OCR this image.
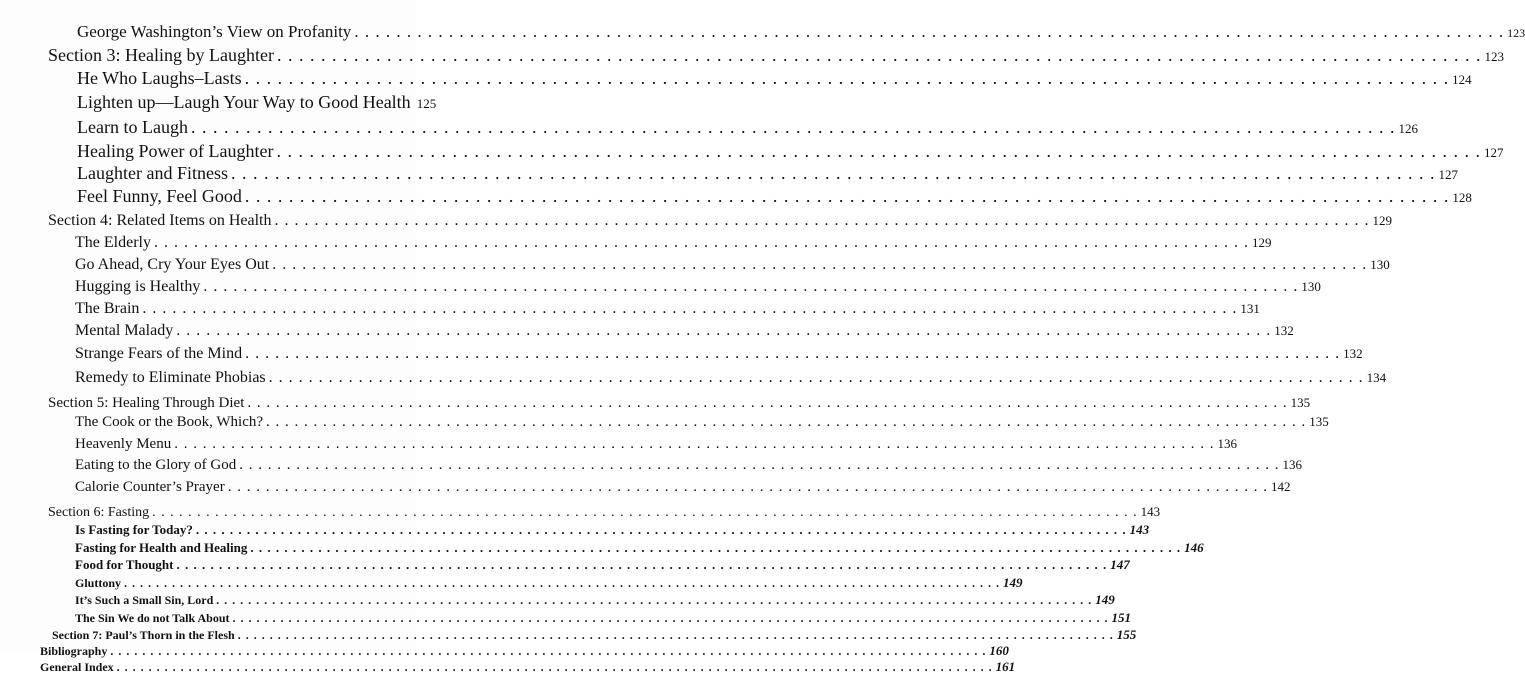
George Washington’s View on Profanity . . .	123
Section 3: Healing by Laughter . . .	123
He Who Laughs–Lasts . . .	124
Lighten up—Laugh Your Way to Good Health 125
Learn to Laugh . . .	126
Healing Power of Laughter . . .	127
Laughter and Fitness . . .	127
Feel Funny, Feel Good . . .	128
Section 4: Related Items on Health . . .	129
The Elderly . . .	129
Go Ahead, Cry Your Eyes Out . . .	130
Hugging is Healthy . . .	130
The Brain . . .	131
Mental Malady . . .	132
Strange Fears of the Mind . . .	132
Remedy to Eliminate Phobias . . .	134
Section 5: Healing Through Diet . . .	135
The Cook or the Book, Which? . . .	135
Heavenly Menu . . .	136
Eating to the Glory of God . . .	136
Calorie Counter’s Prayer . . .	142
Section 6: Fasting . . .	143
Is Fasting for Today? . . .	143
Fasting for Health and Healing . . .	146
Food for Thought . . .	147
Gluttony . . .	149
It’s Such a Small Sin, Lord . . .	149
The Sin We do not Talk About . . .	151
Section 7: Paul’s Thorn in the Flesh . . .	155
Bibliography . . .	160
General Index . . .	161
